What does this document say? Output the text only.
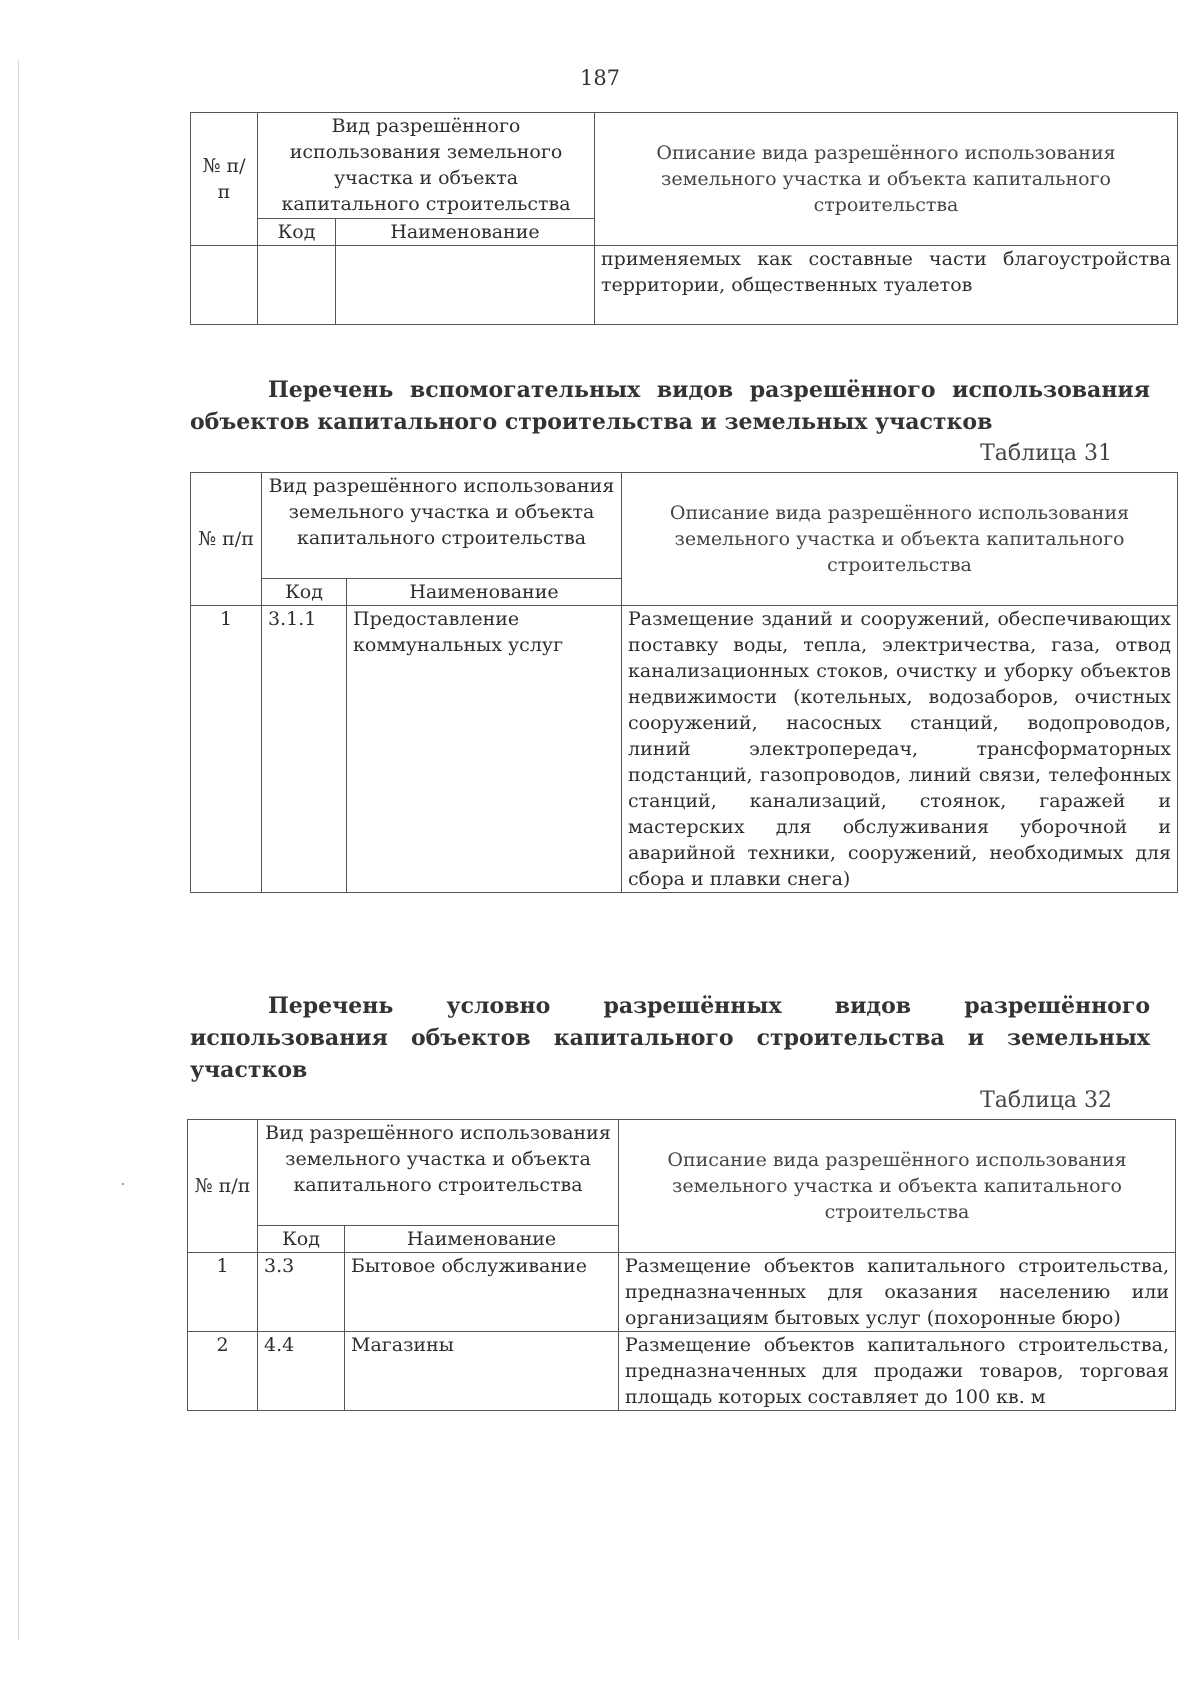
187
№ п/п	Вид разрешённого использования земельного участка и объекта капитального строительства		Описание вида разрешённого использования земельного участка и объекта капитального строительства
	Код	Наименование	
			применяемых как составные части благоустройства территории, общественных туалетов
Перечень вспомогательных видов разрешённого использования объектов капитального строительства и земельных участков
Таблица 31
№ п/п	Вид разрешённого использования земельного участка и объекта капитального строительства		Описание вида разрешённого использования земельного участка и объекта капитального строительства
	Код	Наименование	
1	3.1.1	Предоставление коммунальных услуг	Размещение зданий и сооружений, обеспечивающих поставку воды, тепла, электричества, газа, отвод канализационных стоков, очистку и уборку объектов недвижимости (котельных, водозаборов, очистных сооружений, насосных станций, водопроводов, линий электропередач, трансформаторных подстанций, газопроводов, линий связи, телефонных станций, канализаций, стоянок, гаражей и мастерских для обслуживания уборочной и аварийной техники, сооружений, необходимых для сбора и плавки снега)
Перечень условно разрешённых видов разрешённого использования объектов капитального строительства и земельных участков
Таблица 32
№ п/п	Вид разрешённого использования земельного участка и объекта капитального строительства		Описание вида разрешённого использования земельного участка и объекта капитального строительства
	Код	Наименование	
1	3.3	Бытовое обслуживание	Размещение объектов капитального строительства, предназначенных для оказания населению или организациям бытовых услуг (похоронные бюро)
2	4.4	Магазины	Размещение объектов капитального строительства, предназначенных для продажи товаров, торговая площадь которых составляет до 100 кв. м
